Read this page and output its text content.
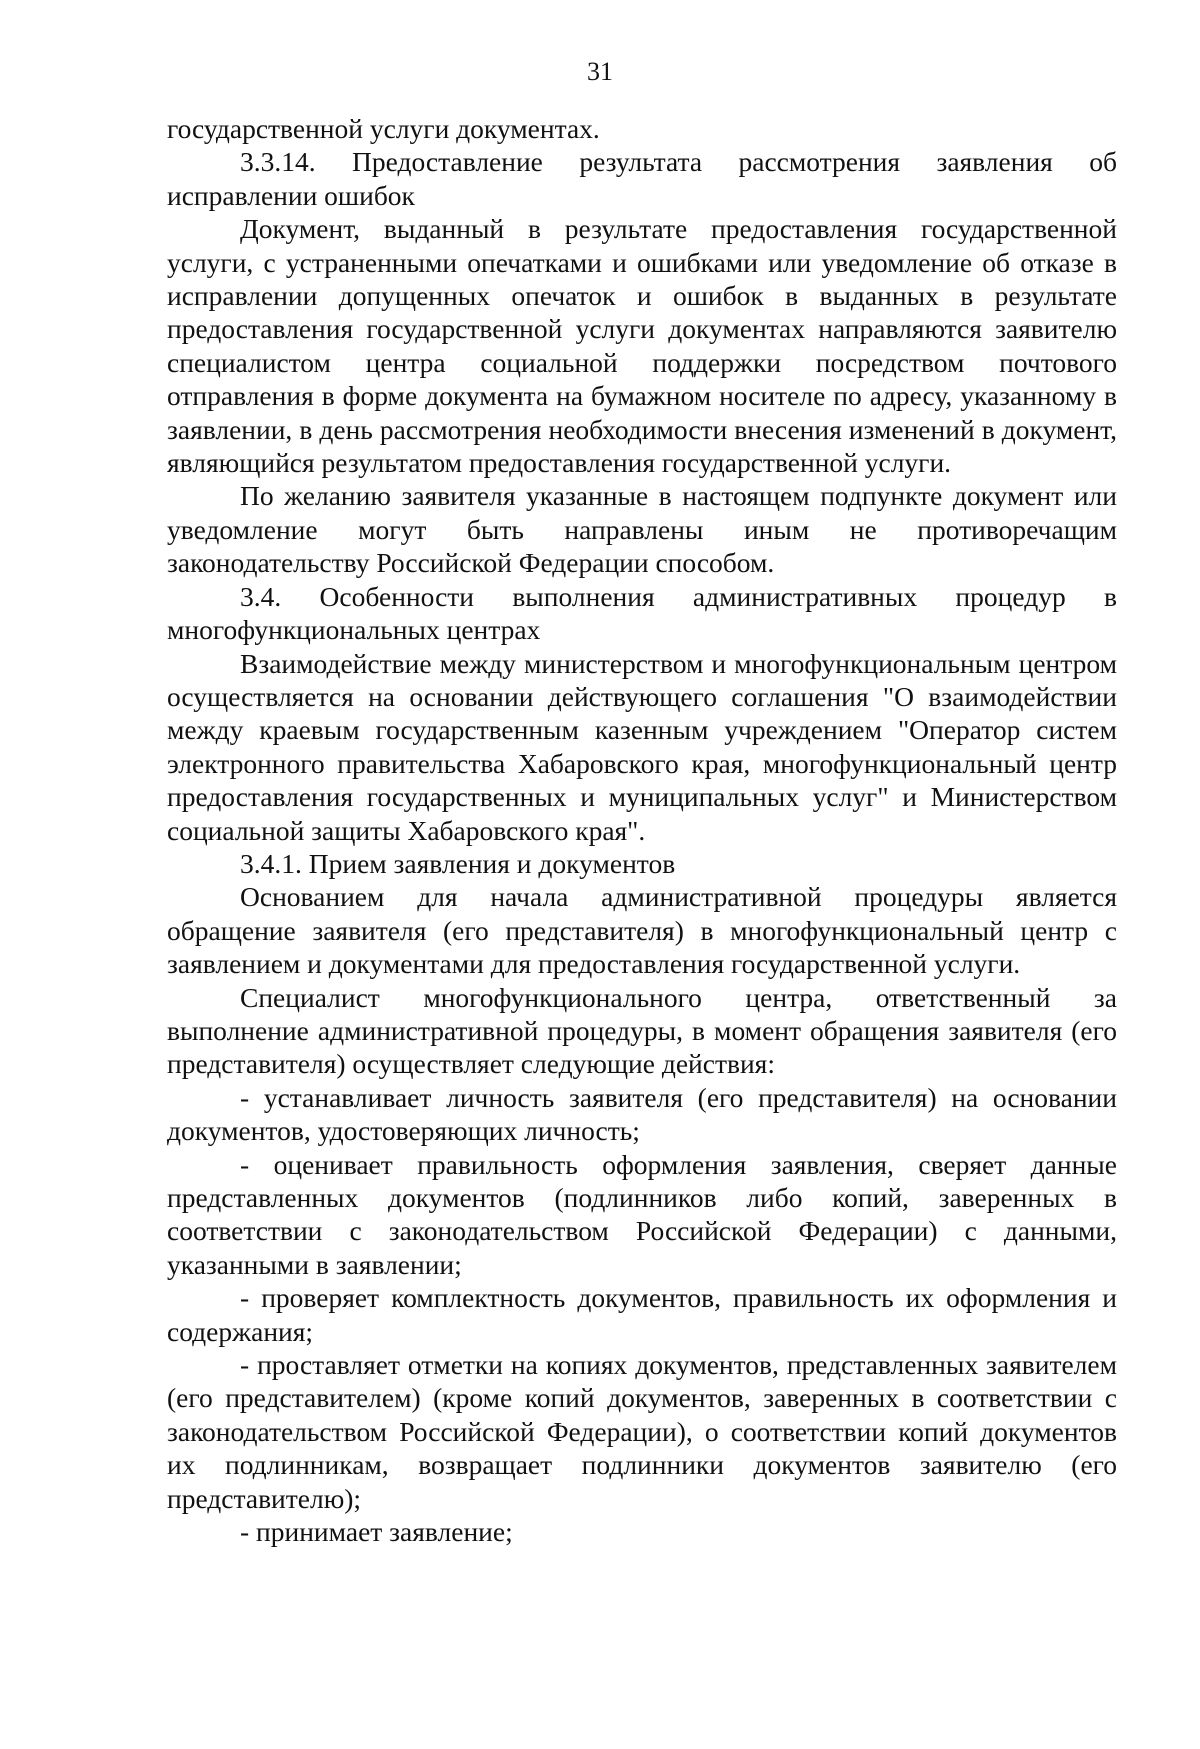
31

государственной услуги документах.

3.3.14. Предоставление результата рассмотрения заявления об исправлении ошибок

Документ, выданный в результате предоставления государственной услуги, с устраненными опечатками и ошибками или уведомление об отказе в исправлении допущенных опечаток и ошибок в выданных в результате предоставления государственной услуги документах направляются заявителю специалистом центра социальной поддержки посредством почтового отправления в форме документа на бумажном носителе по адресу, указанному в заявлении, в день рассмотрения необходимости внесения изменений в документ, являющийся результатом предоставления государственной услуги.

По желанию заявителя указанные в настоящем подпункте документ или уведомление могут быть направлены иным не противоречащим законодательству Российской Федерации способом.

3.4. Особенности выполнения административных процедур в многофункциональных центрах

Взаимодействие между министерством и многофункциональным центром осуществляется на основании действующего соглашения "О взаимодействии между краевым государственным казенным учреждением "Оператор систем электронного правительства Хабаровского края, многофункциональный центр предоставления государственных и муниципальных услуг" и Министерством социальной защиты Хабаровского края".

3.4.1. Прием заявления и документов

Основанием для начала административной процедуры является обращение заявителя (его представителя) в многофункциональный центр с заявлением и документами для предоставления государственной услуги.

Специалист многофункционального центра, ответственный за выполнение административной процедуры, в момент обращения заявителя (его представителя) осуществляет следующие действия:

- устанавливает личность заявителя (его представителя) на основании документов, удостоверяющих личность;

- оценивает правильность оформления заявления, сверяет данные представленных документов (подлинников либо копий, заверенных в соответствии с законодательством Российской Федерации) с данными, указанными в заявлении;

- проверяет комплектность документов, правильность их оформления и содержания;

- проставляет отметки на копиях документов, представленных заявителем (его представителем) (кроме копий документов, заверенных в соответствии с законодательством Российской Федерации), о соответствии копий документов их подлинникам, возвращает подлинники документов заявителю (его представителю);

- принимает заявление;
